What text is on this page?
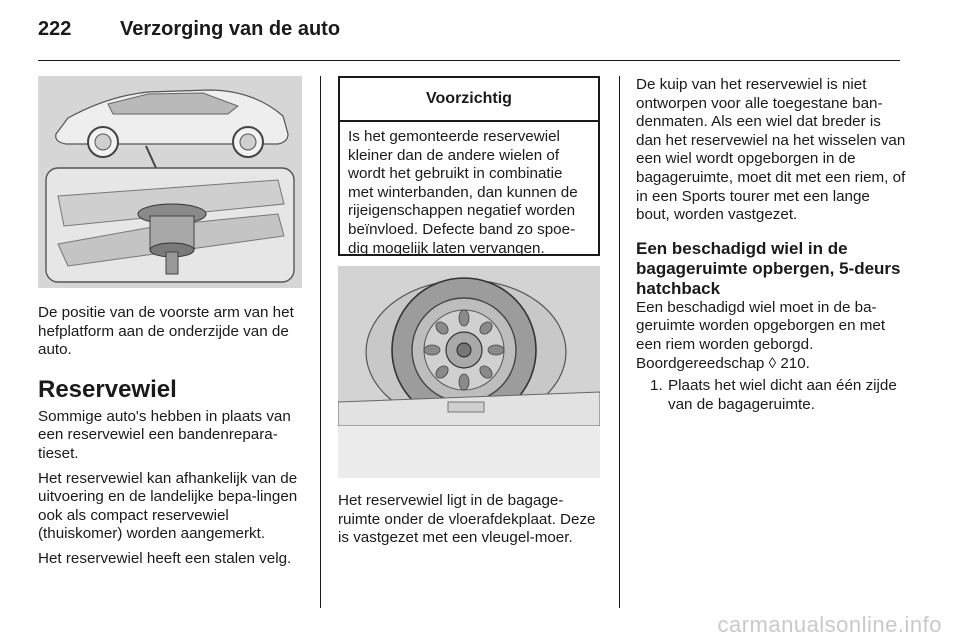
222 Verzorging van de auto

De positie van de voorste arm van het hefplatform aan de onderzijde van de auto.

Reservewiel

Sommige auto's hebben in plaats van een reservewiel een bandenrepara-tieset.

Het reservewiel kan afhankelijk van de uitvoering en de landelijke bepa-lingen ook als compact reservewiel (thuiskomer) worden aangemerkt.

Het reservewiel heeft een stalen velg.

Voorzichtig
Is het gemonteerde reservewiel kleiner dan de andere wielen of wordt het gebruikt in combinatie met winterbanden, dan kunnen de rijeigenschappen negatief worden beïnvloed. Defecte band zo spoe-dig mogelijk laten vervangen.

Het reservewiel ligt in de bagage-ruimte onder de vloerafdekplaat. Deze is vastgezet met een vleugel-moer.

De kuip van het reservewiel is niet ontworpen voor alle toegestane ban-denmaten. Als een wiel dat breder is dan het reservewiel na het wisselen van een wiel wordt opgeborgen in de bagageruimte, moet dit met een riem, of in een Sports tourer met een lange bout, worden vastgezet.

Een beschadigd wiel in de bagageruimte opbergen, 5-deurs hatchback

Een beschadigd wiel moet in de ba-geruimte worden opgeborgen en met een riem worden geborgd. Boordgereedschap ◊ 210.

1. Plaats het wiel dicht aan één zijde van de bagageruimte.
carmanualsonline.info
